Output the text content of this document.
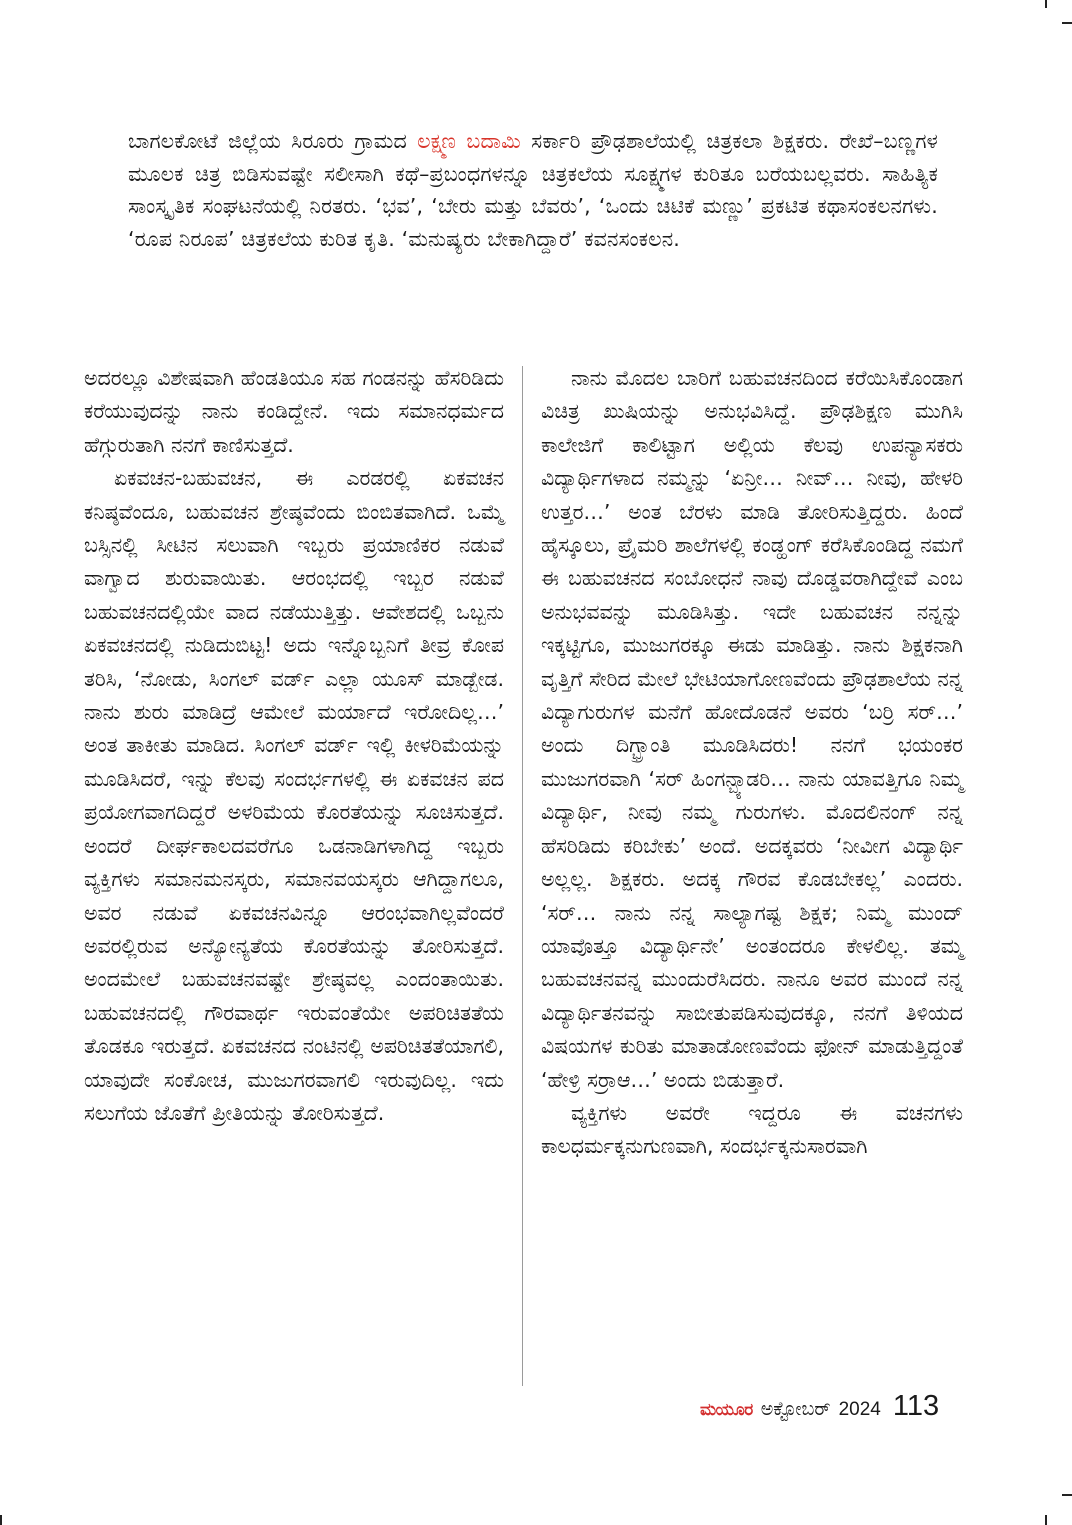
ಬಾಗಲಕೋಟೆ ಜಿಲ್ಲೆಯ ಸಿರೂರು ಗ್ರಾಮದ ಲಕ್ಷ್ಮಣ ಬದಾಮಿ ಸರ್ಕಾರಿ ಪ್ರೌಢಶಾಲೆಯಲ್ಲಿ ಚಿತ್ರಕಲಾ ಶಿಕ್ಷಕರು. ರೇಖೆ–ಬಣ್ಣಗಳ ಮೂಲಕ ಚಿತ್ರ ಬಿಡಿಸುವಷ್ಟೇ ಸಲೀಸಾಗಿ ಕಥೆ–ಪ್ರಬಂಧಗಳನ್ನೂ ಚಿತ್ರಕಲೆಯ ಸೂಕ್ಷ್ಮಗಳ ಕುರಿತೂ ಬರೆಯಬಲ್ಲವರು. ಸಾಹಿತ್ಯಿಕ ಸಾಂಸ್ಕೃತಿಕ ಸಂಘಟನೆಯಲ್ಲಿ ನಿರತರು. ‘ಭವ’, ‘ಬೇರು ಮತ್ತು ಬೆವರು’, ‘ಒಂದು ಚಿಟಿಕೆ ಮಣ್ಣು’ ಪ್ರಕಟಿತ ಕಥಾಸಂಕಲನಗಳು. ‘ರೂಪ ನಿರೂಪ’ ಚಿತ್ರಕಲೆಯ ಕುರಿತ ಕೃತಿ. ‘ಮನುಷ್ಯರು ಬೇಕಾಗಿದ್ದಾರೆ’ ಕವನಸಂಕಲನ.

ಅದರಲ್ಲೂ ವಿಶೇಷವಾಗಿ ಹೆಂಡತಿಯೂ ಸಹ ಗಂಡನನ್ನು ಹೆಸರಿಡಿದು ಕರೆಯುವುದನ್ನು ನಾನು ಕಂಡಿದ್ದೇನೆ. ಇದು ಸಮಾನಧರ್ಮದ ಹೆಗ್ಗುರುತಾಗಿ ನನಗೆ ಕಾಣಿಸುತ್ತದೆ.

ಏಕವಚನ-ಬಹುವಚನ, ಈ ಎರಡರಲ್ಲಿ ಏಕವಚನ ಕನಿಷ್ಠವೆಂದೂ, ಬಹುವಚನ ಶ್ರೇಷ್ಠವೆಂದು ಬಿಂಬಿತವಾಗಿದೆ. ಒಮ್ಮೆ ಬಸ್ಸಿನಲ್ಲಿ ಸೀಟಿನ ಸಲುವಾಗಿ ಇಬ್ಬರು ಪ್ರಯಾಣಿಕರ ನಡುವೆ ವಾಗ್ವಾದ ಶುರುವಾಯಿತು. ಆರಂಭದಲ್ಲಿ ಇಬ್ಬರ ನಡುವೆ ಬಹುವಚನದಲ್ಲಿಯೇ ವಾದ ನಡೆಯುತ್ತಿತ್ತು. ಆವೇಶದಲ್ಲಿ ಒಬ್ಬನು ಏಕವಚನದಲ್ಲಿ ನುಡಿದುಬಿಟ್ಟ! ಅದು ಇನ್ನೊಬ್ಬನಿಗೆ ತೀವ್ರ ಕೋಪ ತರಿಸಿ, ‘ನೋಡು, ಸಿಂಗಲ್ ವರ್ಡ್ ಎಲ್ಲಾ ಯೂಸ್ ಮಾಡ್ಬೇಡ. ನಾನು ಶುರು ಮಾಡಿದ್ರೆ ಆಮೇಲೆ ಮರ್ಯಾದೆ ಇರೋದಿಲ್ಲ…’ ಅಂತ ತಾಕೀತು ಮಾಡಿದ. ಸಿಂಗಲ್ ವರ್ಡ್ ಇಲ್ಲಿ ಕೀಳರಿಮೆಯನ್ನು ಮೂಡಿಸಿದರೆ, ಇನ್ನು ಕೆಲವು ಸಂದರ್ಭಗಳಲ್ಲಿ ಈ ಏಕವಚನ ಪದ ಪ್ರಯೋಗವಾಗದಿದ್ದರೆ ಅಳರಿಮೆಯ ಕೊರತೆಯನ್ನು ಸೂಚಿಸುತ್ತದೆ. ಅಂದರೆ ದೀರ್ಘಕಾಲದವರೆಗೂ ಒಡನಾಡಿಗಳಾಗಿದ್ದ ಇಬ್ಬರು ವ್ಯಕ್ತಿಗಳು ಸಮಾನಮನಸ್ಕರು, ಸಮಾನವಯಸ್ಕರು ಆಗಿದ್ದಾಗಲೂ, ಅವರ ನಡುವೆ ಏಕವಚನವಿನ್ನೂ ಆರಂಭವಾಗಿಲ್ಲವೆಂದರೆ ಅವರಲ್ಲಿರುವ ಅನ್ಯೋನ್ಯತೆಯ ಕೊರತೆಯನ್ನು ತೋರಿಸುತ್ತದೆ. ಅಂದಮೇಲೆ ಬಹುವಚನವಷ್ಟೇ ಶ್ರೇಷ್ಠವಲ್ಲ ಎಂದಂತಾಯಿತು. ಬಹುವಚನದಲ್ಲಿ ಗೌರವಾರ್ಥ ಇರುವಂತೆಯೇ ಅಪರಿಚಿತತೆಯ ತೊಡಕೂ ಇರುತ್ತದೆ. ಏಕವಚನದ ನಂಟಿನಲ್ಲಿ ಅಪರಿಚಿತತೆಯಾಗಲಿ, ಯಾವುದೇ ಸಂಕೋಚ, ಮುಜುಗರವಾಗಲಿ ಇರುವುದಿಲ್ಲ. ಇದು ಸಲುಗೆಯ ಜೊತೆಗೆ ಪ್ರೀತಿಯನ್ನು ತೋರಿಸುತ್ತದೆ.

ನಾನು ಮೊದಲ ಬಾರಿಗೆ ಬಹುವಚನದಿಂದ ಕರೆಯಿಸಿಕೊಂಡಾಗ ವಿಚಿತ್ರ ಖುಷಿಯನ್ನು ಅನುಭವಿಸಿದ್ದೆ. ಪ್ರೌಢಶಿಕ್ಷಣ ಮುಗಿಸಿ ಕಾಲೇಜಿಗೆ ಕಾಲಿಟ್ಟಾಗ ಅಲ್ಲಿಯ ಕೆಲವು ಉಪನ್ಯಾಸಕರು ವಿದ್ಯಾರ್ಥಿಗಳಾದ ನಮ್ಮನ್ನು ‘ಏನ್ರೀ… ನೀವ್… ನೀವು, ಹೇಳರಿ ಉತ್ತರ…’ ಅಂತ ಬೆರಳು ಮಾಡಿ ತೋರಿಸುತ್ತಿದ್ದರು. ಹಿಂದೆ ಹೈಸ್ಕೂಲು, ಪ್ರೈಮರಿ ಶಾಲೆಗಳಲ್ಲಿ ಕಂಡ್ಹಂಗ್ ಕರೆಸಿಕೊಂಡಿದ್ದ ನಮಗೆ ಈ ಬಹುವಚನದ ಸಂಬೋಧನೆ ನಾವು ದೊಡ್ಡವರಾಗಿದ್ದೇವೆ ಎಂಬ ಅನುಭವವನ್ನು ಮೂಡಿಸಿತ್ತು. ಇದೇ ಬಹುವಚನ ನನ್ನನ್ನು ಇಕ್ಕಟ್ಟಿಗೂ, ಮುಜುಗರಕ್ಕೂ ಈಡು ಮಾಡಿತ್ತು. ನಾನು ಶಿಕ್ಷಕನಾಗಿ ವೃತ್ತಿಗೆ ಸೇರಿದ ಮೇಲೆ ಭೇಟಿಯಾಗೋಣವೆಂದು ಪ್ರೌಢಶಾಲೆಯ ನನ್ನ ವಿದ್ಯಾಗುರುಗಳ ಮನೆಗೆ ಹೋದೊಡನೆ ಅವರು ‘ಬರ್ರಿ ಸರ್…’ ಅಂದು ದಿಗ್ಭ್ರಾಂತಿ ಮೂಡಿಸಿದರು! ನನಗೆ ಭಯಂಕರ ಮುಜುಗರವಾಗಿ ‘ಸರ್ ಹಿಂಗನ್ಬ್ಯಾಡರಿ… ನಾನು ಯಾವತ್ತಿಗೂ ನಿಮ್ಮ ವಿದ್ಯಾರ್ಥಿ, ನೀವು ನಮ್ಮ ಗುರುಗಳು. ಮೊದಲಿನಂಗ್ ನನ್ನ ಹೆಸರಿಡಿದು ಕರಿಬೇಕು’ ಅಂದೆ. ಅದಕ್ಕವರು ‘ನೀವೀಗ ವಿದ್ಯಾರ್ಥಿ ಅಲ್ಲಲ್ಲ. ಶಿಕ್ಷಕರು. ಅದಕ್ಕ ಗೌರವ ಕೊಡಬೇಕಲ್ಲ’ ಎಂದರು. ‘ಸರ್… ನಾನು ನನ್ನ ಸಾಲ್ಯಾಗಷ್ಟ ಶಿಕ್ಷಕ; ನಿಮ್ಮ ಮುಂದ್ ಯಾವೊತ್ತೂ ವಿದ್ಯಾರ್ಥಿನೇ’ ಅಂತಂದರೂ ಕೇಳಲಿಲ್ಲ. ತಮ್ಮ ಬಹುವಚನವನ್ನ ಮುಂದುರೆಸಿದರು. ನಾನೂ ಅವರ ಮುಂದೆ ನನ್ನ ವಿದ್ಯಾರ್ಥಿತನವನ್ನು ಸಾಬೀತುಪಡಿಸುವುದಕ್ಕೂ, ನನಗೆ ತಿಳಿಯದ ವಿಷಯಗಳ ಕುರಿತು ಮಾತಾಡೋಣವೆಂದು ಫೋನ್ ಮಾಡುತ್ತಿದ್ದಂತೆ ‘ಹೇಳ್ರಿ ಸರ್ರಾಆ…’ ಅಂದು ಬಿಡುತ್ತಾರೆ.

ವ್ಯಕ್ತಿಗಳು ಅವರೇ ಇದ್ದರೂ ಈ ವಚನಗಳು ಕಾಲಧರ್ಮಕ್ಕನುಗುಣವಾಗಿ, ಸಂದರ್ಭಕ್ಕನುಸಾರವಾಗಿ

ಮಯೂರ ಅಕ್ಟೋಬರ್ 2024 113
